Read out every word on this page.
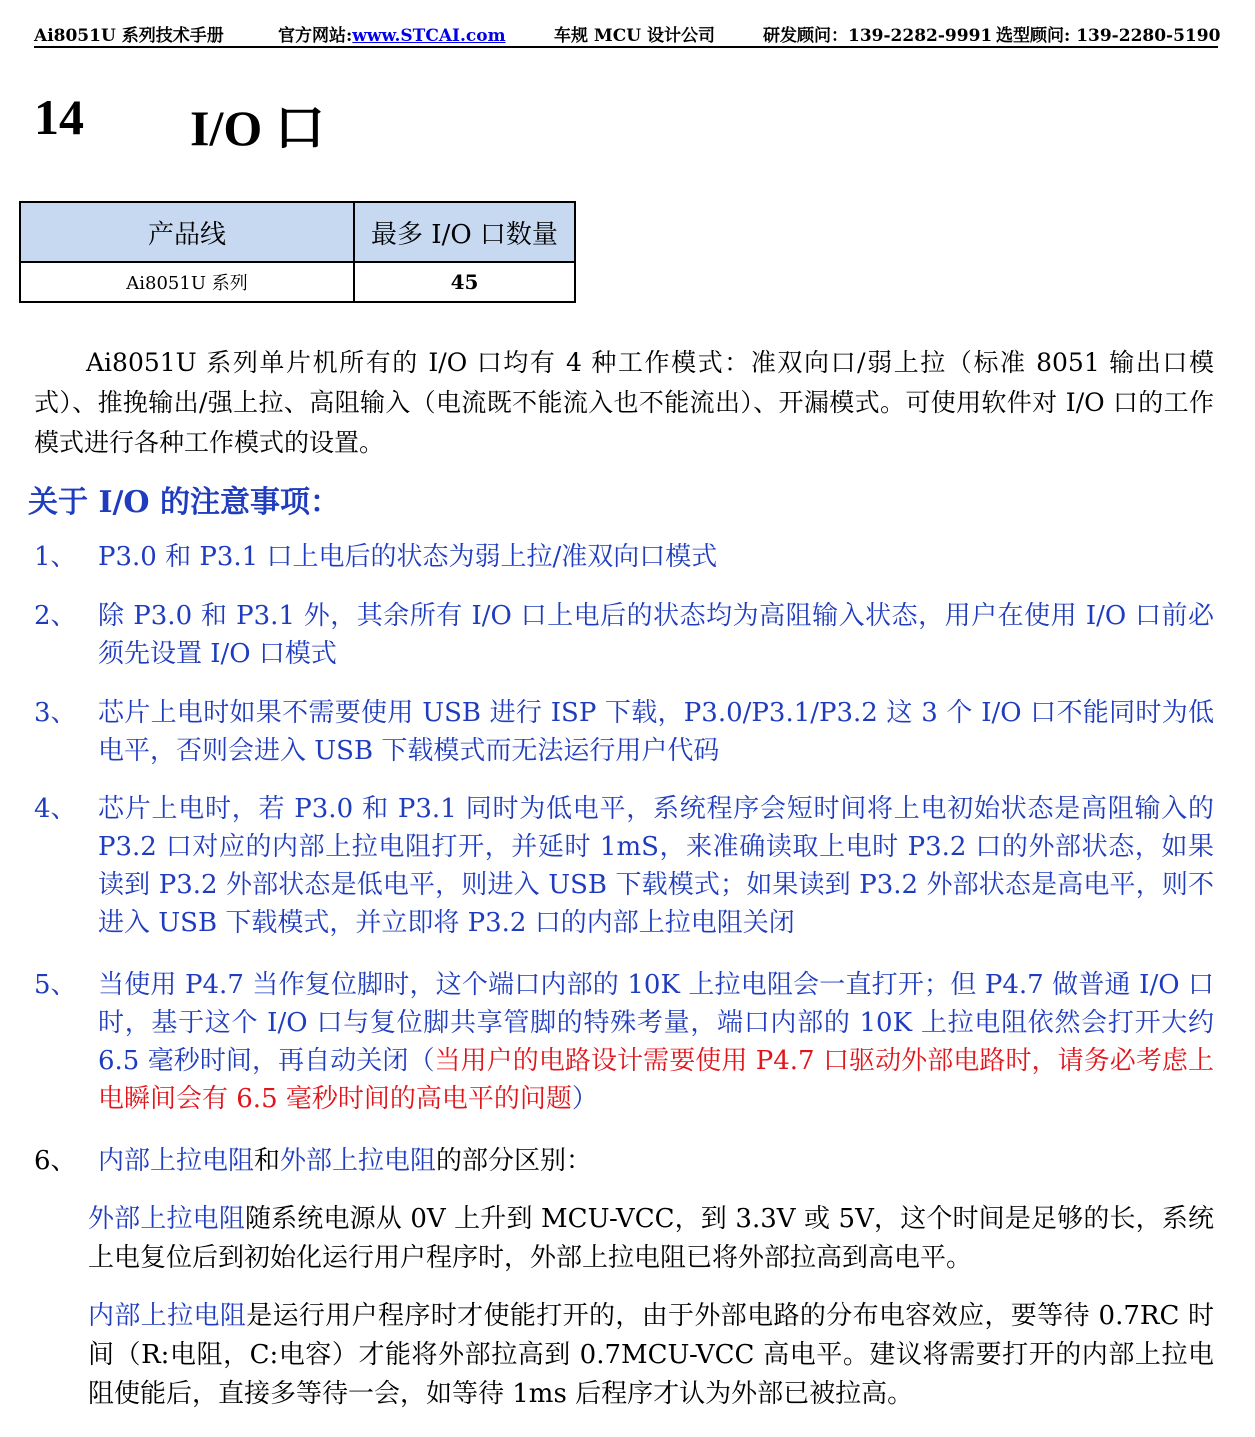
Ai8051U 系列技术手册	官方网站:www.STCAI.com	车规 MCU 设计公司	研发顾问：139-2282-9991 选型顾问: 139-2280-5190
14 I/O 口
产品线	最多 I/O 口数量
Ai8051U 系列	45
Ai8051U 系列单片机所有的 I/O 口均有 4 种工作模式：准双向口/弱上拉（标准 8051 输出口模式）、推挽输出/强上拉、高阻输入（电流既不能流入也不能流出）、开漏模式。可使用软件对 I/O 口的工作模式进行各种工作模式的设置。
关于 I/O 的注意事项：
1、 P3.0 和 P3.1 口上电后的状态为弱上拉/准双向口模式
2、 除 P3.0 和 P3.1 外，其余所有 I/O 口上电后的状态均为高阻输入状态，用户在使用 I/O 口前必须先设置 I/O 口模式
3、 芯片上电时如果不需要使用 USB 进行 ISP 下载，P3.0/P3.1/P3.2 这 3 个 I/O 口不能同时为低电平，否则会进入 USB 下载模式而无法运行用户代码
4、 芯片上电时，若 P3.0 和 P3.1 同时为低电平，系统程序会短时间将上电初始状态是高阻输入的 P3.2 口对应的内部上拉电阻打开，并延时 1mS，来准确读取上电时 P3.2 口的外部状态，如果读到 P3.2 外部状态是低电平，则进入 USB 下载模式；如果读到 P3.2 外部状态是高电平，则不进入 USB 下载模式，并立即将 P3.2 口的内部上拉电阻关闭
5、 当使用 P4.7 当作复位脚时，这个端口内部的 10K 上拉电阻会一直打开；但 P4.7 做普通 I/O 口时，基于这个 I/O 口与复位脚共享管脚的特殊考量，端口内部的 10K 上拉电阻依然会打开大约 6.5 毫秒时间，再自动关闭（当用户的电路设计需要使用 P4.7 口驱动外部电路时，请务必考虑上电瞬间会有 6.5 毫秒时间的高电平的问题）
6、 内部上拉电阻和外部上拉电阻的部分区别：
外部上拉电阻随系统电源从 0V 上升到 MCU-VCC，到 3.3V 或 5V，这个时间是足够的长，系统上电复位后到初始化运行用户程序时，外部上拉电阻已将外部拉高到高电平。
内部上拉电阻是运行用户程序时才使能打开的，由于外部电路的分布电容效应，要等待 0.7RC 时间（R:电阻，C:电容）才能将外部拉高到 0.7MCU-VCC 高电平。建议将需要打开的内部上拉电阻使能后，直接多等待一会，如等待 1ms 后程序才认为外部已被拉高。
